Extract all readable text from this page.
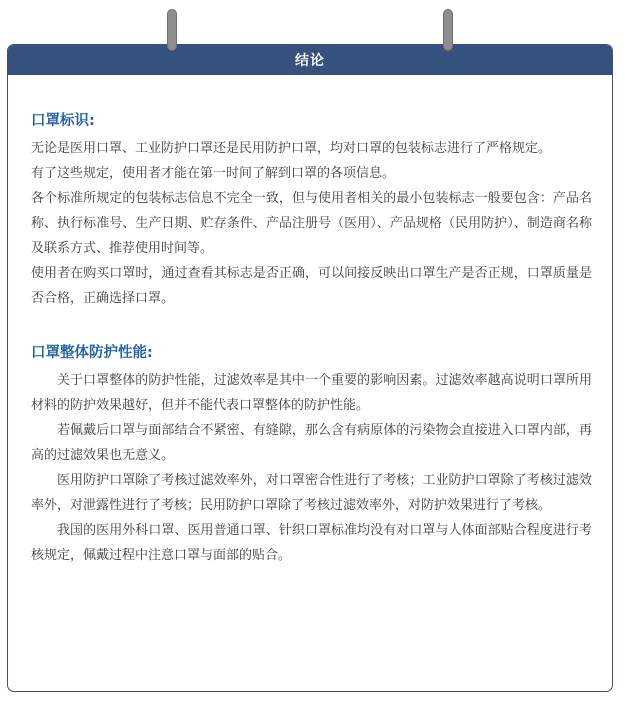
结论
口罩标识:

无论是医用口罩、工业防护口罩还是民用防护口罩，均对口罩的包装标志进行了严格规定。

有了这些规定，使用者才能在第一时间了解到口罩的各项信息。

各个标准所规定的包装标志信息不完全一致，但与使用者相关的最小包装标志一般要包含：产品名称、执行标准号、生产日期、贮存条件、产品注册号（医用）、产品规格（民用防护）、制造商名称及联系方式、推荐使用时间等。

使用者在购买口罩时，通过查看其标志是否正确，可以间接反映出口罩生产是否正规，口罩质量是否合格，正确选择口罩。

口罩整体防护性能:

关于口罩整体的防护性能，过滤效率是其中一个重要的影响因素。过滤效率越高说明口罩所用材料的防护效果越好，但并不能代表口罩整体的防护性能。

若佩戴后口罩与面部结合不紧密、有缝隙，那么含有病原体的污染物会直接进入口罩内部，再高的过滤效果也无意义。

医用防护口罩除了考核过滤效率外，对口罩密合性进行了考核；工业防护口罩除了考核过滤效率外，对泄露性进行了考核；民用防护口罩除了考核过滤效率外，对防护效果进行了考核。

我国的医用外科口罩、医用普通口罩、针织口罩标准均没有对口罩与人体面部贴合程度进行考核规定，佩戴过程中注意口罩与面部的贴合。
